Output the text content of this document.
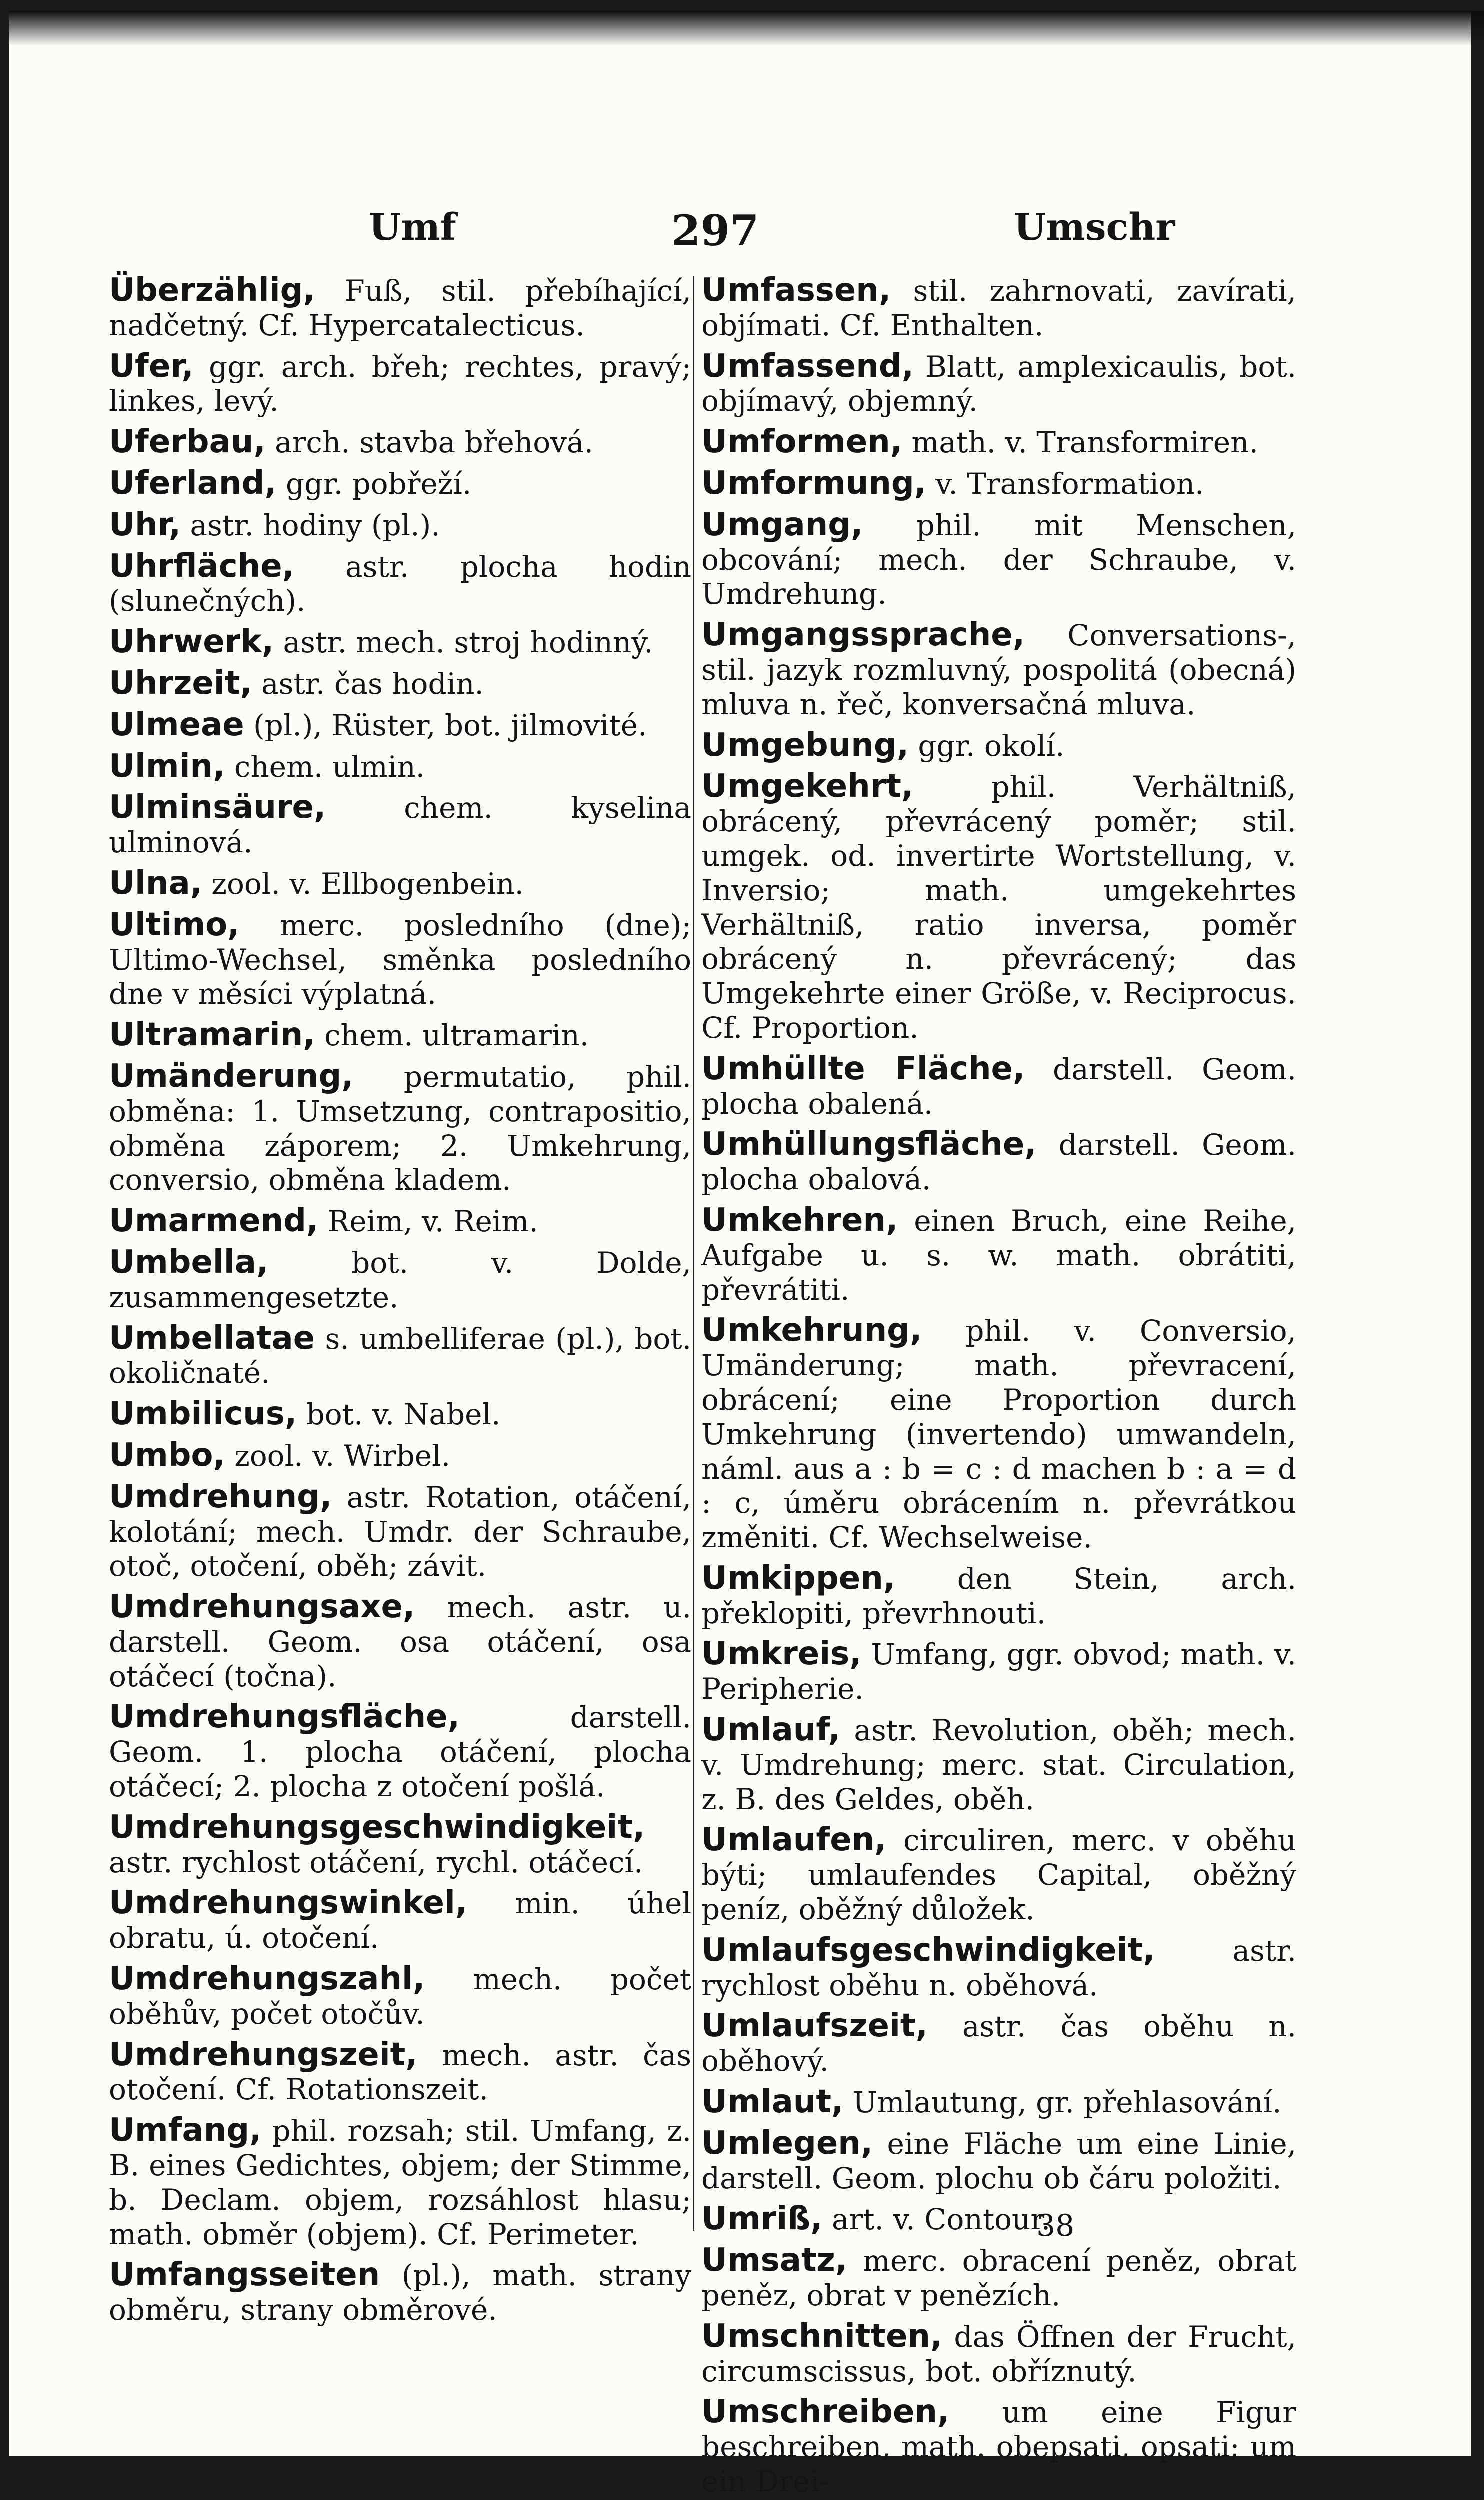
Umf	297	Umschr

Überzählig, Fuß, stil. přebíhající, nadčetný. Cf. Hypercatalecticus.

Ufer, ggr. arch. břeh; rechtes, pravý; linkes, levý.

Uferbau, arch. stavba břehová.

Uferland, ggr. pobřeží.

Uhr, astr. hodiny (pl.).

Uhrfläche, astr. plocha hodin (slunečných).

Uhrwerk, astr. mech. stroj hodinný.

Uhrzeit, astr. čas hodin.

Ulmeae (pl.), Rüster, bot. jilmovité.

Ulmin, chem. ulmin.

Ulminsäure,	chem. kyselina ulminová.

Ulna, zool. v. Ellbogenbein.

Ultimo, merc. posledního (dne); Ultimo-Wechsel, směnka posledního dne v měsíci výplatná.

Ultramarin, chem. ultramarin.

Umänderung, permutatio, phil. obměna: 1. Umsetzung, contrapositio, obměna záporem; 2. Umkehrung, conversio, obměna kladem.

Umarmend, Reim, v. Reim.

Umbella,	bot. v. Dolde, zusammengesetzte.

Umbellatae s. umbelliferae (pl.), bot. okoličnaté.

Umbilicus, bot. v. Nabel.

Umbo, zool. v. Wirbel.

Umdrehung, astr. Rotation, otáčení, kolotání; mech. Umdr. der Schraube, otoč, otočení, oběh; závit.

Umdrehungsaxe, mech. astr. u. darstell. Geom. osa otáčení, osa otáčecí (točna).

Umdrehungsfläche,	darstell. Geom. 1. plocha otáčení, plocha otáčecí; 2. plocha z otočení pošlá.

Umdrehungsgeschwindigkeit, astr. rychlost otáčení, rychl. otáčecí.

Umdrehungswinkel, min. úhel obratu, ú. otočení.

Umdrehungszahl, mech. počet oběhův, počet otočův.

Umdrehungszeit, mech. astr. čas otočení. Cf. Rotationszeit.

Umfang, phil. rozsah; stil. Umfang, z. B. eines Gedichtes, objem; der Stimme, b. Declam. objem, rozsáhlost hlasu; math. obměr (objem). Cf. Perimeter.

Umfangsseiten (pl.), math. strany obměru, strany obměrové.

Umfassen, stil. zahrnovati, zavírati, objímati. Cf. Enthalten.

Umfassend, Blatt, amplexicaulis, bot. objímavý, objemný.

Umformen, math. v. Transformiren.

Umformung, v. Transformation.

Umgang, phil. mit Menschen, obcování; mech. der Schraube, v. Umdrehung.

Umgangssprache, Conversations-, stil. jazyk rozmluvný, pospolitá (obecná) mluva n. řeč, konversačná mluva.

Umgebung, ggr. okolí.

Umgekehrt,	phil. Verhältniß, obrácený, převrácený poměr; stil. umgek. od. invertirte Wortstellung, v. Inversio; math. umgekehrtes Verhältniß, ratio inversa, poměr obrácený n. převrácený; das Umgekehrte einer Größe, v. Reciprocus. Cf. Proportion.

Umhüllte Fläche, darstell. Geom. plocha obalená.

Umhüllungsfläche, darstell. Geom. plocha obalová.

Umkehren, einen Bruch, eine Reihe, Aufgabe u. s. w. math. obrátiti, převrátiti.

Umkehrung, phil. v. Conversio, Umänderung; math. převracení, obrácení; eine Proportion durch Umkehrung (invertendo) umwandeln, náml. aus a : b = c : d machen b : a = d : c, úměru obrácením n. převrátkou změniti. Cf. Wechselweise.

Umkippen, den Stein, arch. překlopiti, převrhnouti.

Umkreis, Umfang, ggr. obvod; math. v. Peripherie.

Umlauf, astr. Revolution, oběh; mech. v. Umdrehung; merc. stat. Circulation, z. B. des Geldes, oběh.

Umlaufen, circuliren, merc. v oběhu býti; umlaufendes Capital, oběžný peníz, oběžný důložek.

Umlaufsgeschwindigkeit,	astr. rychlost oběhu n. oběhová.

Umlaufszeit, astr. čas oběhu n. oběhový.

Umlaut, Umlautung, gr. přehlasování.

Umlegen, eine Fläche um eine Linie, darstell. Geom. plochu ob čáru položiti.

Umriß, art. v. Contour.

Umsatz, merc. obracení peněz, obrat peněz, obrat v penězích.

Umschnitten, das Öffnen der Frucht, circumscissus, bot. obříznutý.

Umschreiben, um eine Figur beschreiben, math. obepsati, opsati; um ein Drei-

38
